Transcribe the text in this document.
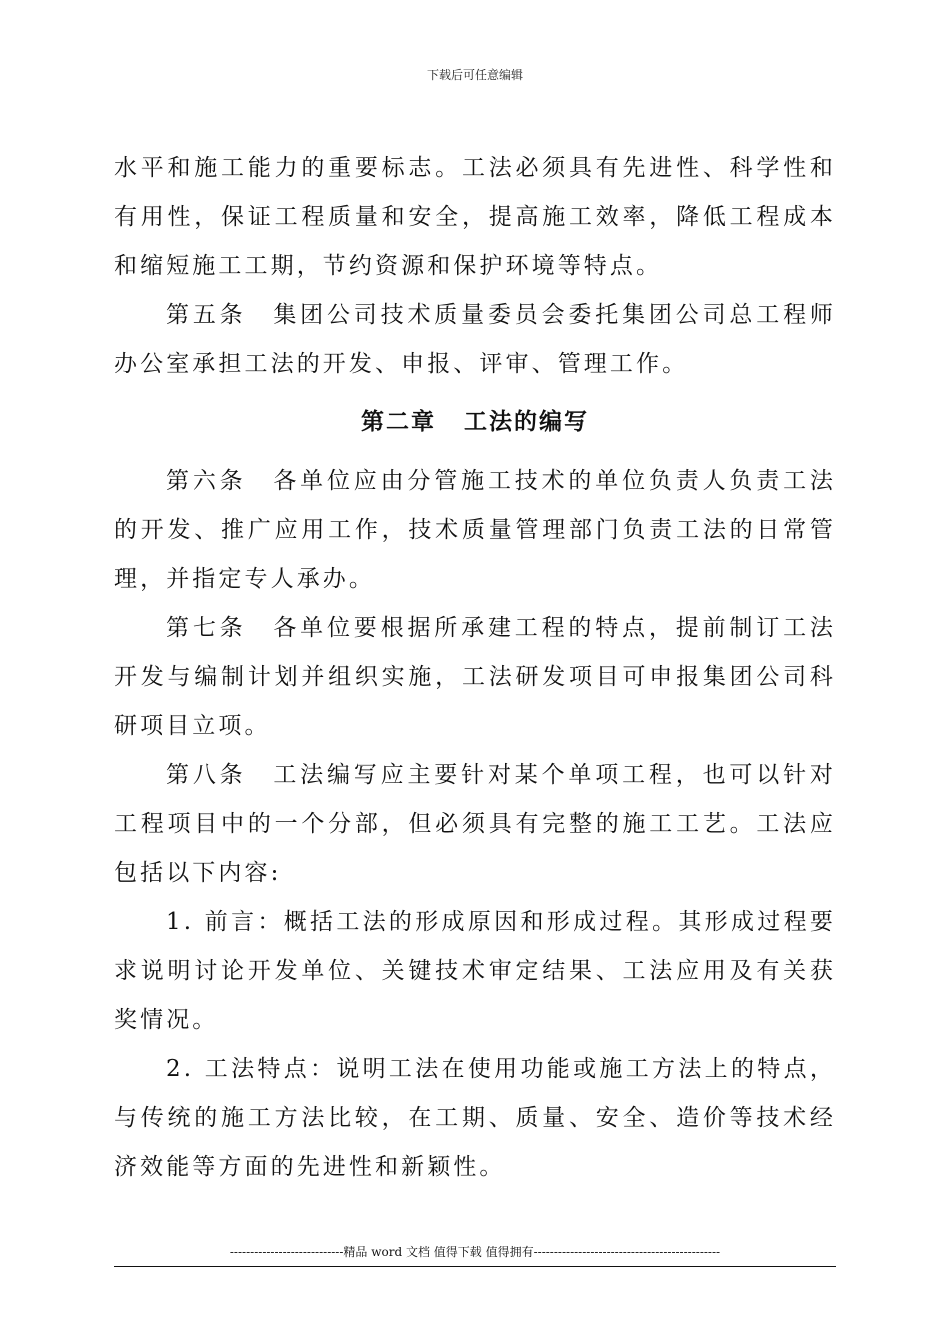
下载后可任意编辑

水平和施工能力的重要标志。工法必须具有先进性、科学性和有用性，保证工程质量和安全，提高施工效率，降低工程成本和缩短施工工期，节约资源和保护环境等特点。

第五条　集团公司技术质量委员会委托集团公司总工程师办公室承担工法的开发、申报、评审、管理工作。

第二章 工法的编写

第六条　各单位应由分管施工技术的单位负责人负责工法的开发、推广应用工作，技术质量管理部门负责工法的日常管理，并指定专人承办。

第七条　各单位要根据所承建工程的特点，提前制订工法开发与编制计划并组织实施，工法研发项目可申报集团公司科研项目立项。

第八条　工法编写应主要针对某个单项工程，也可以针对工程项目中的一个分部，但必须具有完整的施工工艺。工法应包括以下内容:

1. 前言：概括工法的形成原因和形成过程。其形成过程要求说明讨论开发单位、关键技术审定结果、工法应用及有关获奖情况。

2. 工法特点：说明工法在使用功能或施工方法上的特点，与传统的施工方法比较，在工期、质量、安全、造价等技术经济效能等方面的先进性和新颖性。

----------------------------精品 word 文档 值得下载 值得拥有----------------------------------------------
